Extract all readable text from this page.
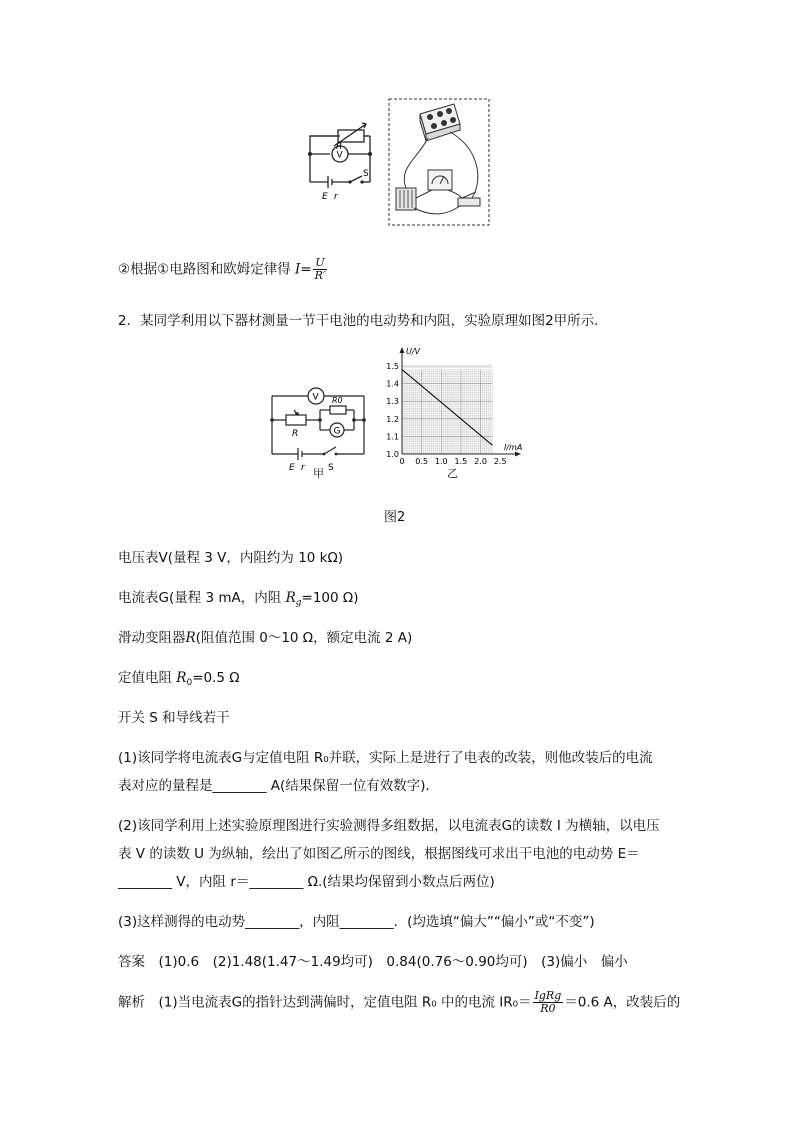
R
V
S
E r
②根据①电路图和欧姆定律得 $I= \frac{U}{R'}$
2．某同学利用以下器材测量一节干电池的电动势和内阻，实验原理如图2甲所示．
V R0
G
R
E r	S
甲
0 0.5 1.0 1.5 2.0 2.5
1.0
1.1
1.2
1.3
1.4
1.5
U/V
I/mA
乙
图2
电压表V(量程 3 V，内阻约为 10 kΩ)
电流表G(量程 3 mA，内阻 $R_g=100$ Ω)
滑动变阻器R(阻值范围 0～10 Ω，额定电流 2 A)
定值电阻 $R_0=0.5$ Ω
开关 S 和导线若干
(1)该同学将电流表G与定值电阻 R₀并联，实际上是进行了电表的改装，则他改装后的电流
表对应的量程是________ A(结果保留一位有效数字)．
(2)该同学利用上述实验原理图进行实验测得多组数据，以电流表G的读数 I 为横轴，以电压
表 V 的读数 U 为纵轴，绘出了如图乙所示的图线，根据图线可求出干电池的电动势 E＝
________ V，内阻 r＝________ Ω.(结果均保留到小数点后两位)
(3)这样测得的电动势________，内阻________．(均选填“偏大”“偏小”或“不变”)
答案　(1)0.6　(2)1.48(1.47～1.49均可)　0.84(0.76～0.90均可)　(3)偏小　偏小
解析　(1)当电流表G的指针达到满偏时，定值电阻 R₀ 中的电流 $IR_0= \frac{\text{IgRg}}{R0} =0.6$ A，改装后的
